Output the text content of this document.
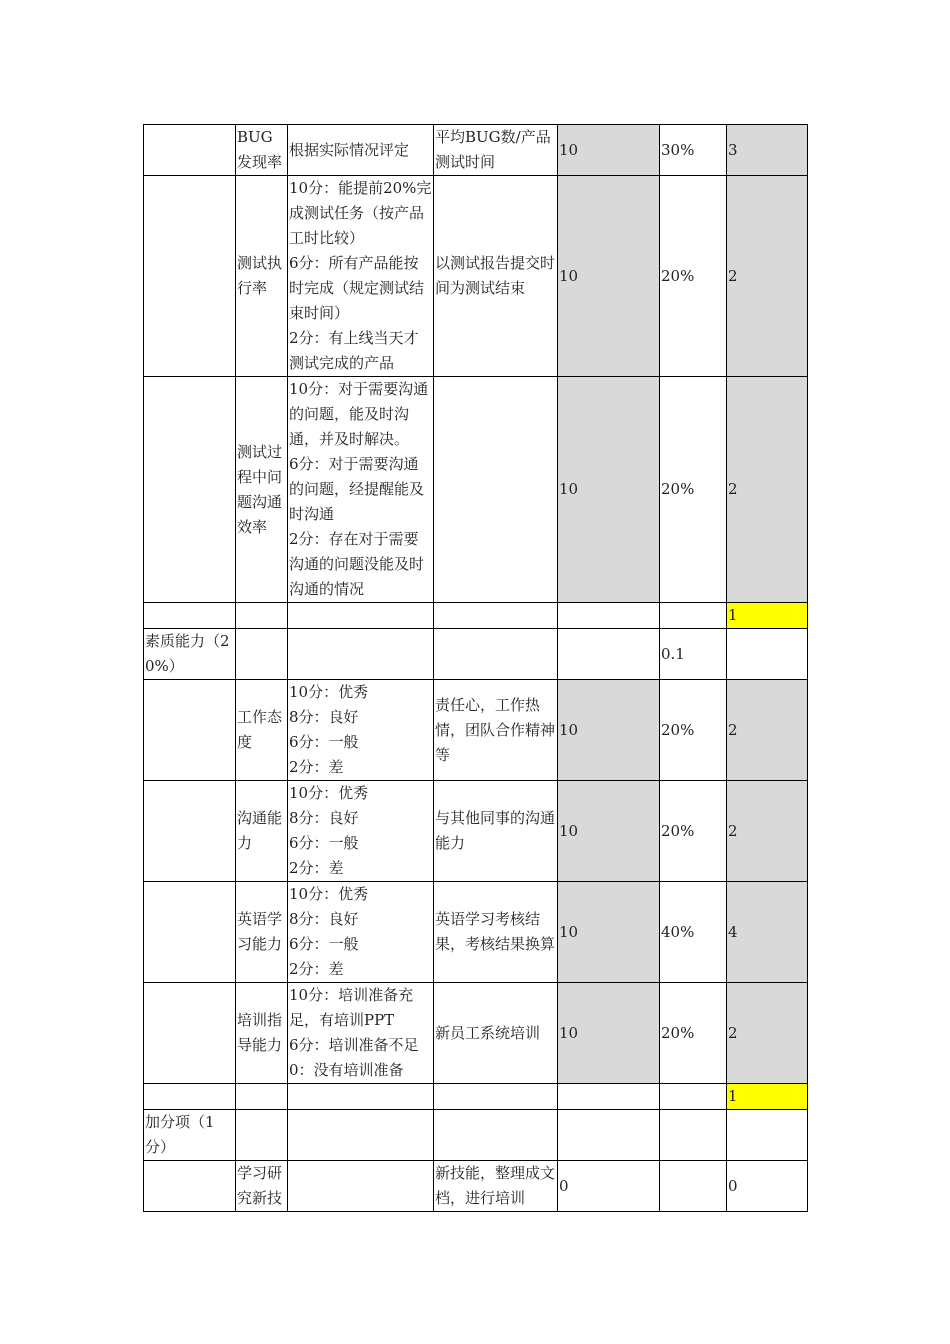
	BUG发现率	根据实际情况评定	平均BUG数/产品测试时间	10	30%	3
	测试执行率	10分：能提前20%完成测试任务（按产品工时比较）
6分：所有产品能按时完成（规定测试结束时间）
2分：有上线当天才测试完成的产品	以测试报告提交时间为测试结束	10	20%	2
	测试过程中问题沟通效率	10分：对于需要沟通的问题，能及时沟通，并及时解决。
6分：对于需要沟通的问题，经提醒能及时沟通
2分：存在对于需要沟通的问题没能及时沟通的情况		10	20%	2
						1
素质能力（20%）					0.1	
	工作态度	10分：优秀
8分：良好
6分：一般
2分：差	责任心，工作热情，团队合作精神等	10	20%	2
	沟通能力	10分：优秀
8分：良好
6分：一般
2分：差	与其他同事的沟通能力	10	20%	2
	英语学习能力	10分：优秀
8分：良好
6分：一般
2分：差	英语学习考核结果，考核结果换算	10	40%	4
	培训指导能力	10分：培训准备充足，有培训PPT
6分：培训准备不足
0：没有培训准备	新员工系统培训	10	20%	2
						1
加分项（1分）						
	学习研究新技		新技能，整理成文档，进行培训	0		0
